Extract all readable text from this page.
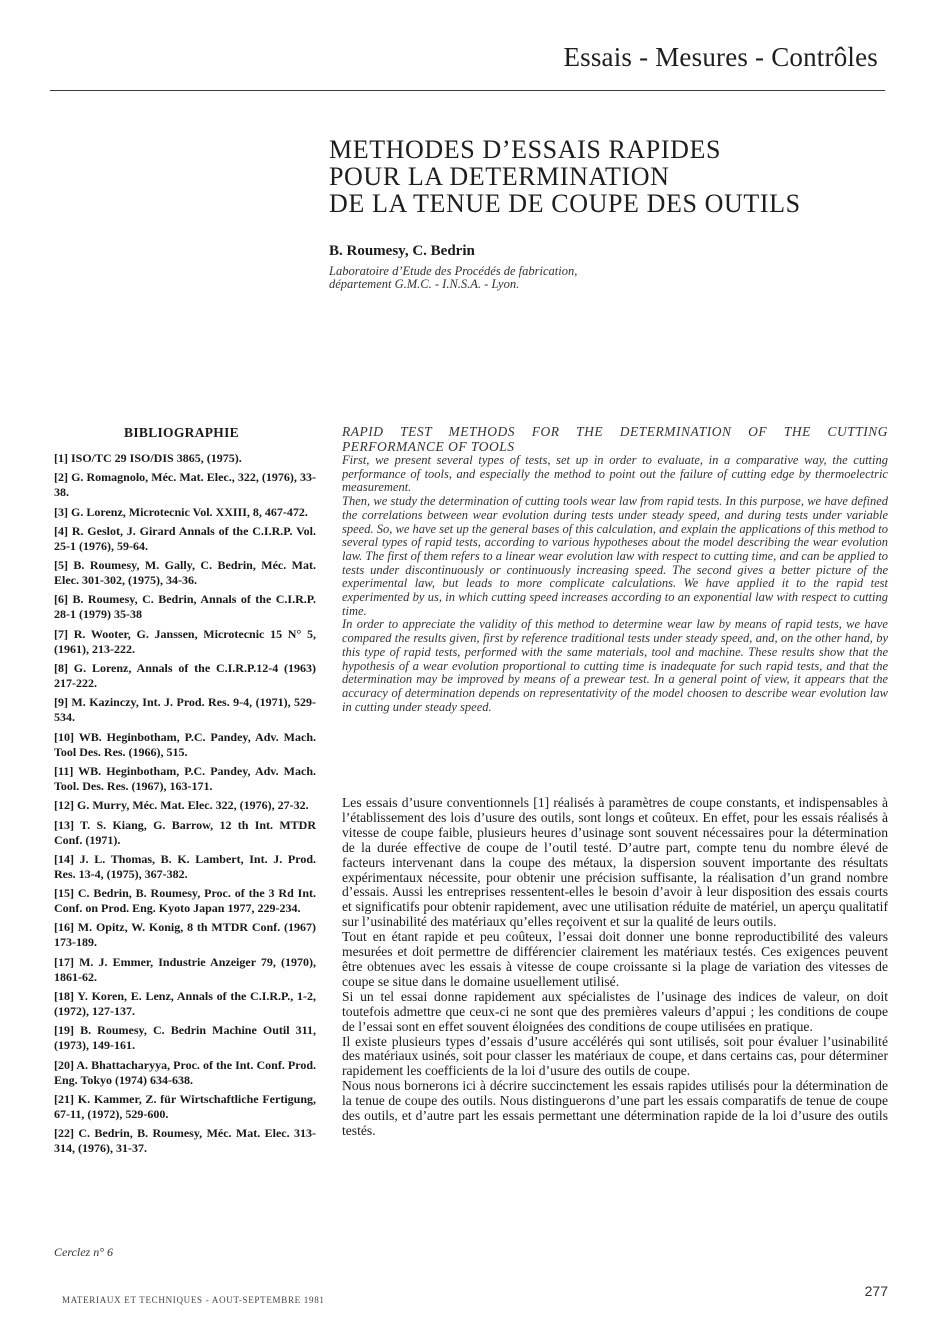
Essais - Mesures - Contrôles
METHODES D’ESSAIS RAPIDES
POUR LA DETERMINATION
DE LA TENUE DE COUPE DES OUTILS
B. Roumesy, C. Bedrin
Laboratoire d’Etude des Procédés de fabrication,
département G.M.C. - I.N.S.A. - Lyon.
BIBLIOGRAPHIE
[1] ISO/TC 29 ISO/DIS 3865, (1975).
[2] G. Romagnolo, Méc. Mat. Elec., 322, (1976), 33-38.
[3] G. Lorenz, Microtecnic Vol. XXIII, 8, 467-472.
[4] R. Geslot, J. Girard Annals of the C.I.R.P. Vol. 25-1 (1976), 59-64.
[5] B. Roumesy, M. Gally, C. Bedrin, Méc. Mat. Elec. 301-302, (1975), 34-36.
[6] B. Roumesy, C. Bedrin, Annals of the C.I.R.P. 28-1 (1979) 35-38
[7] R. Wooter, G. Janssen, Microtecnic 15 N° 5, (1961), 213-222.
[8] G. Lorenz, Annals of the C.I.R.P.12-4 (1963) 217-222.
[9] M. Kazinczy, Int. J. Prod. Res. 9-4, (1971), 529-534.
[10] WB. Heginbotham, P.C. Pandey, Adv. Mach. Tool Des. Res. (1966), 515.
[11] WB. Heginbotham, P.C. Pandey, Adv. Mach. Tool. Des. Res. (1967), 163-171.
[12] G. Murry, Méc. Mat. Elec. 322, (1976), 27-32.
[13] T. S. Kiang, G. Barrow, 12 th Int. MTDR Conf. (1971).
[14] J. L. Thomas, B. K. Lambert, Int. J. Prod. Res. 13-4, (1975), 367-382.
[15] C. Bedrin, B. Roumesy, Proc. of the 3 Rd Int. Conf. on Prod. Eng. Kyoto Japan 1977, 229-234.
[16] M. Opitz, W. Konig, 8 th MTDR Conf. (1967) 173-189.
[17] M. J. Emmer, Industrie Anzeiger 79, (1970), 1861-62.
[18] Y. Koren, E. Lenz, Annals of the C.I.R.P., 1-2, (1972), 127-137.
[19] B. Roumesy, C. Bedrin Machine Outil 311, (1973), 149-161.
[20] A. Bhattacharyya, Proc. of the Int. Conf. Prod. Eng. Tokyo (1974) 634-638.
[21] K. Kammer, Z. für Wirtschaftliche Fertigung, 67-11, (1972), 529-600.
[22] C. Bedrin, B. Roumesy, Méc. Mat. Elec. 313-314, (1976), 31-37.
Cerclez n° 6

RAPID TEST METHODS FOR THE DETERMINATION OF THE CUTTING PERFORMANCE OF TOOLS

First, we present several types of tests, set up in order to evaluate, in a comparative way, the cutting performance of tools, and especially the method to point out the failure of cutting edge by thermoelectric measurement.

Then, we study the determination of cutting tools wear law from rapid tests. In this purpose, we have defined the correlations between wear evolution during tests under steady speed, and during tests under variable speed. So, we have set up the general bases of this calculation, and explain the applications of this method to several types of rapid tests, according to various hypotheses about the model describing the wear evolution law. The first of them refers to a linear wear evolution law with respect to cutting time, and can be applied to tests under discontinuously or continuously increasing speed. The second gives a better picture of the experimental law, but leads to more complicate calculations. We have applied it to the rapid test experimented by us, in which cutting speed increases according to an exponential law with respect to cutting time.

In order to appreciate the validity of this method to determine wear law by means of rapid tests, we have compared the results given, first by reference traditional tests under steady speed, and, on the other hand, by this type of rapid tests, performed with the same materials, tool and machine. These results show that the hypothesis of a wear evolution proportional to cutting time is inadequate for such rapid tests, and that the determination may be improved by means of a prewear test. In a general point of view, it appears that the accuracy of determination depends on representativity of the model choosen to describe wear evolution law in cutting under steady speed.

Les essais d’usure conventionnels [1] réalisés à paramètres de coupe constants, et indispensables à l’établissement des lois d’usure des outils, sont longs et coûteux. En effet, pour les essais réalisés à vitesse de coupe faible, plusieurs heures d’usinage sont souvent nécessaires pour la détermination de la durée effective de coupe de l’outil testé. D’autre part, compte tenu du nombre élevé de facteurs intervenant dans la coupe des métaux, la dispersion souvent importante des résultats expérimentaux nécessite, pour obtenir une précision suffisante, la réalisation d’un grand nombre d’essais. Aussi les entreprises ressentent-elles le besoin d’avoir à leur disposition des essais courts et significatifs pour obtenir rapidement, avec une utilisation réduite de matériel, un aperçu qualitatif sur l’usinabilité des matériaux qu’elles reçoivent et sur la qualité de leurs outils.

Tout en étant rapide et peu coûteux, l’essai doit donner une bonne reproductibilité des valeurs mesurées et doit permettre de différencier clairement les matériaux testés. Ces exigences peuvent être obtenues avec les essais à vitesse de coupe croissante si la plage de variation des vitesses de coupe se situe dans le domaine usuellement utilisé.

Si un tel essai donne rapidement aux spécialistes de l’usinage des indices de valeur, on doit toutefois admettre que ceux-ci ne sont que des premières valeurs d’appui ; les conditions de coupe de l’essai sont en effet souvent éloignées des conditions de coupe utilisées en pratique.

Il existe plusieurs types d’essais d’usure accélérés qui sont utilisés, soit pour évaluer l’usinabilité des matériaux usinés, soit pour classer les matériaux de coupe, et dans certains cas, pour déterminer rapidement les coefficients de la loi d’usure des outils de coupe.

Nous nous bornerons ici à décrire succinctement les essais rapides utilisés pour la détermination de la tenue de coupe des outils. Nous distinguerons d’une part les essais comparatifs de tenue de coupe des outils, et d’autre part les essais permettant une détermination rapide de la loi d’usure des outils testés.

MATERIAUX ET TECHNIQUES - AOUT-SEPTEMBRE 1981
277
